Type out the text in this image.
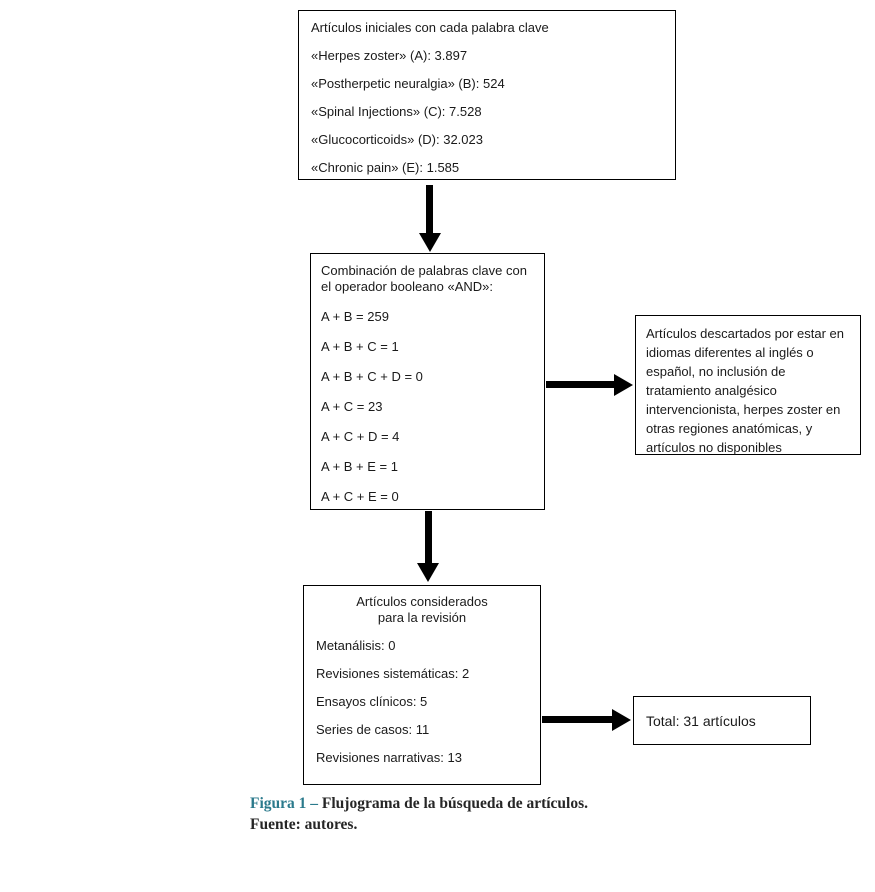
Artículos iniciales con cada palabra clave
«Herpes zoster» (A): 3.897
«Postherpetic neuralgia» (B): 524
«Spinal Injections» (C): 7.528
«Glucocorticoids» (D): 32.023
«Chronic pain» (E): 1.585
Combinación de palabras clave con el operador booleano «AND»:
A + B = 259
A + B + C = 1
A + B + C + D = 0
A + C = 23
A + C + D = 4
A + B + E = 1
A + C + E = 0
Artículos descartados por estar en idiomas diferentes al inglés o español, no inclusión de tratamiento analgésico intervencionista, herpes zoster en otras regiones anatómicas, y artículos no disponibles
Artículos considerados
para la revisión
Metanálisis: 0
Revisiones sistemáticas: 2
Ensayos clínicos: 5
Series de casos: 11
Revisiones narrativas: 13
Total: 31 artículos
Figura 1 – Flujograma de la búsqueda de artículos.
Fuente: autores.
